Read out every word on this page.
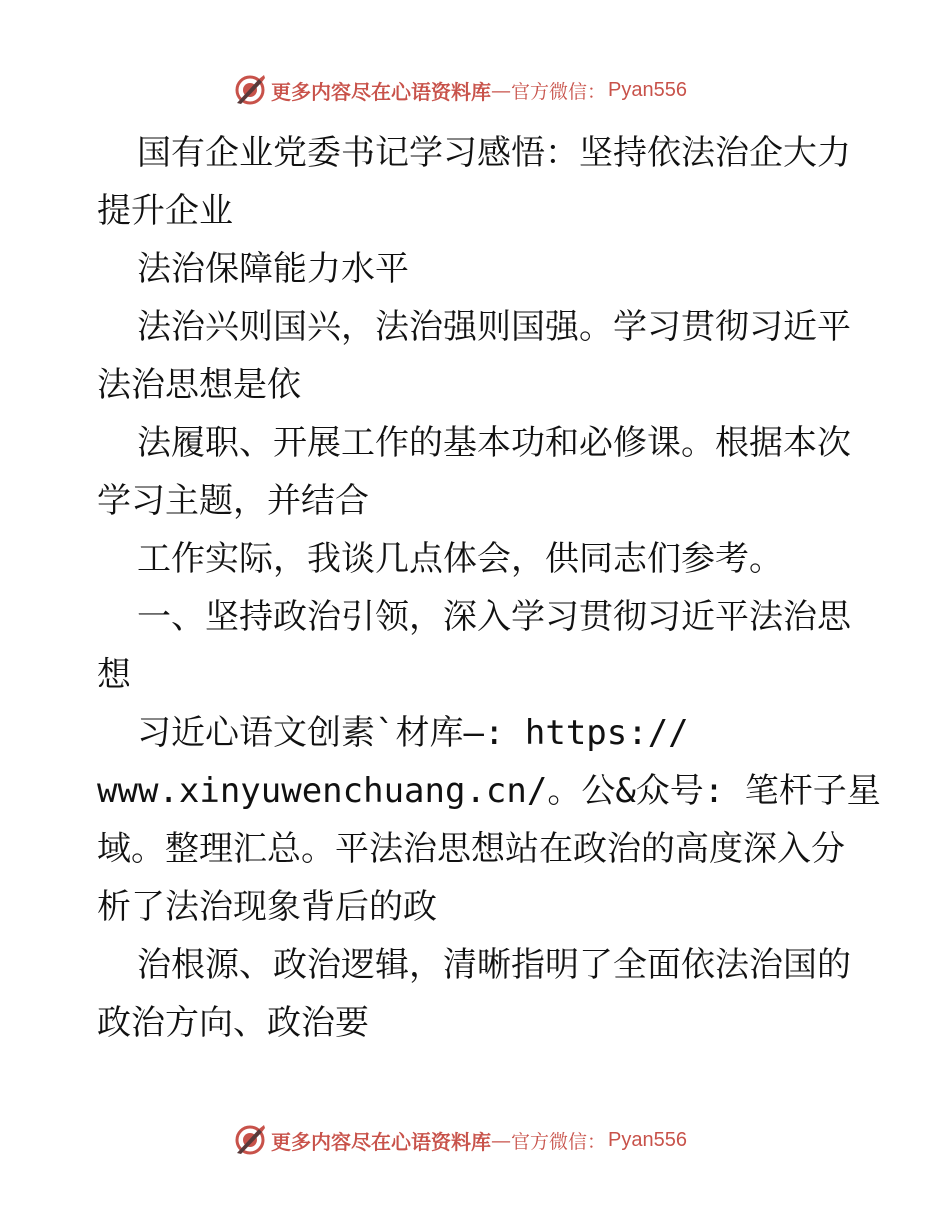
更多内容尽在心语资料库 — 官方微信： Pyan556
国有企业党委书记学习感悟：坚持依法治企大力
提升企业
法治保障能力水平
法治兴则国兴，法治强则国强。学习贯彻习近平
法治思想是依
法履职、开展工作的基本功和必修课。根据本次
学习主题，并结合
工作实际，我谈几点体会，供同志们参考。
一、坚持政治引领，深入学习贯彻习近平法治思
想
习近心语文创素`材库—: https://
www.xinyuwenchuang.cn/。公&众号: 笔杆子星
域。整理汇总。平法治思想站在政治的高度深入分
析了法治现象背后的政
治根源、政治逻辑，清晰指明了全面依法治国的
政治方向、政治要
更多内容尽在心语资料库 — 官方微信： Pyan556
